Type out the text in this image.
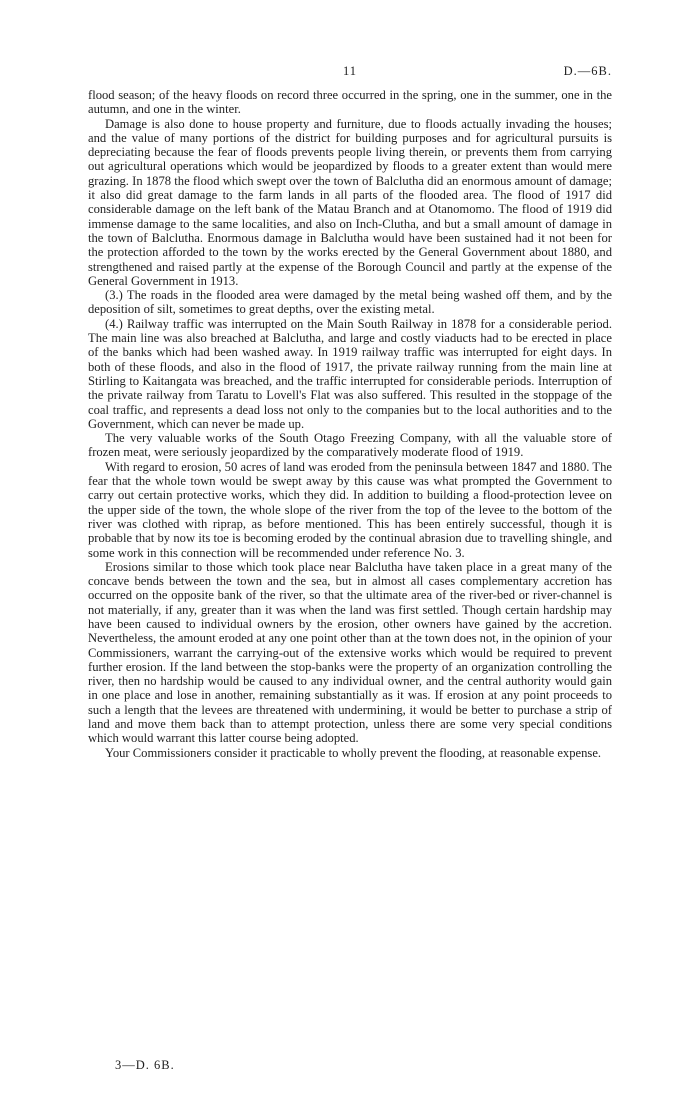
11	D.—6B.

flood season; of the heavy floods on record three occurred in the spring, one in the summer, one in the autumn, and one in the winter.

Damage is also done to house property and furniture, due to floods actually invading the houses; and the value of many portions of the district for building purposes and for agricultural pursuits is depreciating because the fear of floods prevents people living therein, or prevents them from carrying out agricultural operations which would be jeopardized by floods to a greater extent than would mere grazing. In 1878 the flood which swept over the town of Balclutha did an enormous amount of damage; it also did great damage to the farm lands in all parts of the flooded area. The flood of 1917 did considerable damage on the left bank of the Matau Branch and at Otanomomo. The flood of 1919 did immense damage to the same localities, and also on Inch-Clutha, and but a small amount of damage in the town of Balclutha. Enormous damage in Balclutha would have been sustained had it not been for the protection afforded to the town by the works erected by the General Government about 1880, and strengthened and raised partly at the expense of the Borough Council and partly at the expense of the General Government in 1913.

(3.) The roads in the flooded area were damaged by the metal being washed off them, and by the deposition of silt, sometimes to great depths, over the existing metal.

(4.) Railway traffic was interrupted on the Main South Railway in 1878 for a considerable period. The main line was also breached at Balclutha, and large and costly viaducts had to be erected in place of the banks which had been washed away. In 1919 railway traffic was interrupted for eight days. In both of these floods, and also in the flood of 1917, the private railway running from the main line at Stirling to Kaitangata was breached, and the traffic interrupted for considerable periods. Interruption of the private railway from Taratu to Lovell's Flat was also suffered. This resulted in the stoppage of the coal traffic, and represents a dead loss not only to the companies but to the local authorities and to the Government, which can never be made up.

The very valuable works of the South Otago Freezing Company, with all the valuable store of frozen meat, were seriously jeopardized by the comparatively moderate flood of 1919.

With regard to erosion, 50 acres of land was eroded from the peninsula between 1847 and 1880. The fear that the whole town would be swept away by this cause was what prompted the Government to carry out certain protective works, which they did. In addition to building a flood-protection levee on the upper side of the town, the whole slope of the river from the top of the levee to the bottom of the river was clothed with riprap, as before mentioned. This has been entirely successful, though it is probable that by now its toe is becoming eroded by the continual abrasion due to travelling shingle, and some work in this connection will be recommended under reference No. 3.

Erosions similar to those which took place near Balclutha have taken place in a great many of the concave bends between the town and the sea, but in almost all cases complementary accretion has occurred on the opposite bank of the river, so that the ultimate area of the river-bed or river-channel is not materially, if any, greater than it was when the land was first settled. Though certain hardship may have been caused to individual owners by the erosion, other owners have gained by the accretion. Nevertheless, the amount eroded at any one point other than at the town does not, in the opinion of your Commissioners, warrant the carrying-out of the extensive works which would be required to prevent further erosion. If the land between the stop-banks were the property of an organization controlling the river, then no hardship would be caused to any individual owner, and the central authority would gain in one place and lose in another, remaining substantially as it was. If erosion at any point proceeds to such a length that the levees are threatened with undermining, it would be better to purchase a strip of land and move them back than to attempt protection, unless there are some very special conditions which would warrant this latter course being adopted.

Your Commissioners consider it practicable to wholly prevent the flooding, at reasonable expense.

3—D. 6B.
